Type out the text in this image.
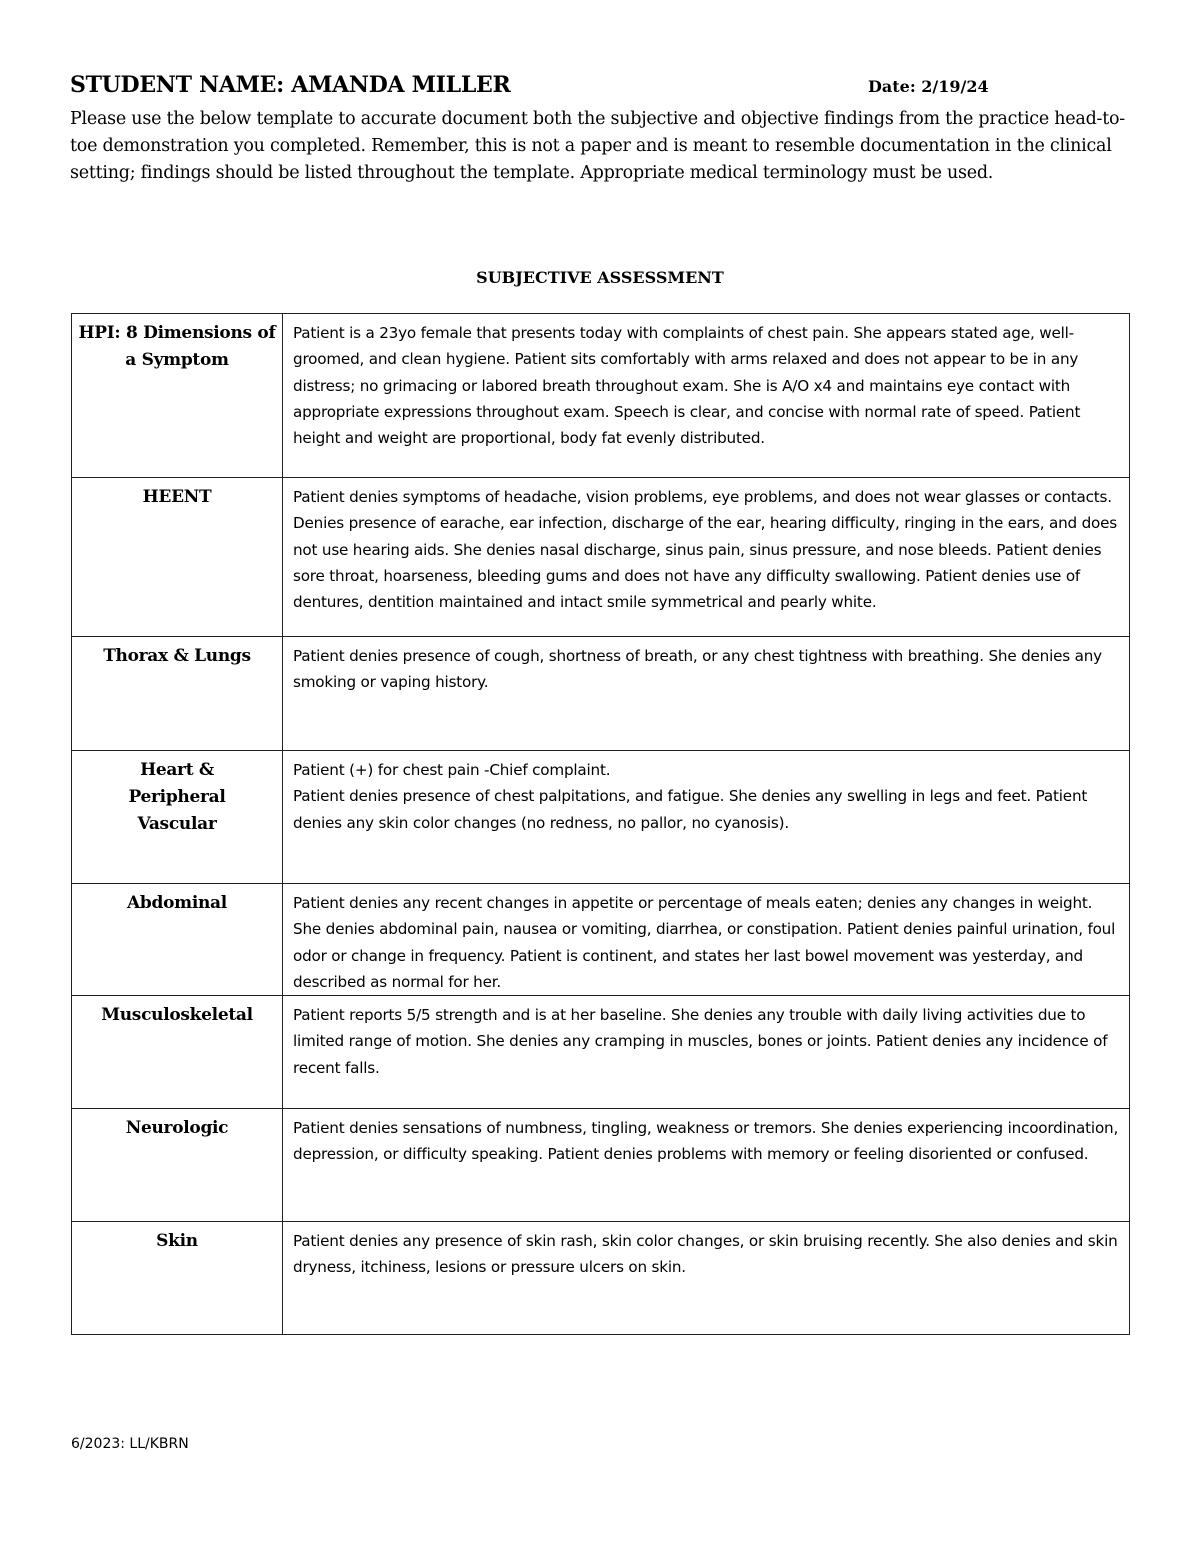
STUDENT NAME: AMANDA MILLER	Date: 2/19/24
Please use the below template to accurate document both the subjective and objective findings from the practice head-to-toe demonstration you completed. Remember, this is not a paper and is meant to resemble documentation in the clinical setting; findings should be listed throughout the template. Appropriate medical terminology must be used.
SUBJECTIVE ASSESSMENT
HPI: 8 Dimensions of a Symptom	Patient is a 23yo female that presents today with complaints of chest pain. She appears stated age, well-groomed, and clean hygiene. Patient sits comfortably with arms relaxed and does not appear to be in any distress; no grimacing or labored breath throughout exam. She is A/O x4 and maintains eye contact with appropriate expressions throughout exam. Speech is clear, and concise with normal rate of speed. Patient height and weight are proportional, body fat evenly distributed.
HEENT	Patient denies symptoms of headache, vision problems, eye problems, and does not wear glasses or contacts. Denies presence of earache, ear infection, discharge of the ear, hearing difficulty, ringing in the ears, and does not use hearing aids. She denies nasal discharge, sinus pain, sinus pressure, and nose bleeds. Patient denies sore throat, hoarseness, bleeding gums and does not have any difficulty swallowing. Patient denies use of dentures, dentition maintained and intact smile symmetrical and pearly white.
Thorax & Lungs	Patient denies presence of cough, shortness of breath, or any chest tightness with breathing. She denies any smoking or vaping history.
Heart & Peripheral Vascular	Patient (+) for chest pain -Chief complaint.
Patient denies presence of chest palpitations, and fatigue. She denies any swelling in legs and feet. Patient denies any skin color changes (no redness, no pallor, no cyanosis).

Abdominal	Patient denies any recent changes in appetite or percentage of meals eaten; denies any changes in weight. She denies abdominal pain, nausea or vomiting, diarrhea, or constipation. Patient denies painful urination, foul odor or change in frequency. Patient is continent, and states her last bowel movement was yesterday, and described as normal for her.
Musculoskeletal	Patient reports 5/5 strength and is at her baseline. She denies any trouble with daily living activities due to limited range of motion. She denies any cramping in muscles, bones or joints. Patient denies any incidence of recent falls.
Neurologic	Patient denies sensations of numbness, tingling, weakness or tremors. She denies experiencing incoordination, depression, or difficulty speaking. Patient denies problems with memory or feeling disoriented or confused.
Skin	Patient denies any presence of skin rash, skin color changes, or skin bruising recently. She also denies and skin dryness, itchiness, lesions or pressure ulcers on skin.
6/2023: LL/KBRN
